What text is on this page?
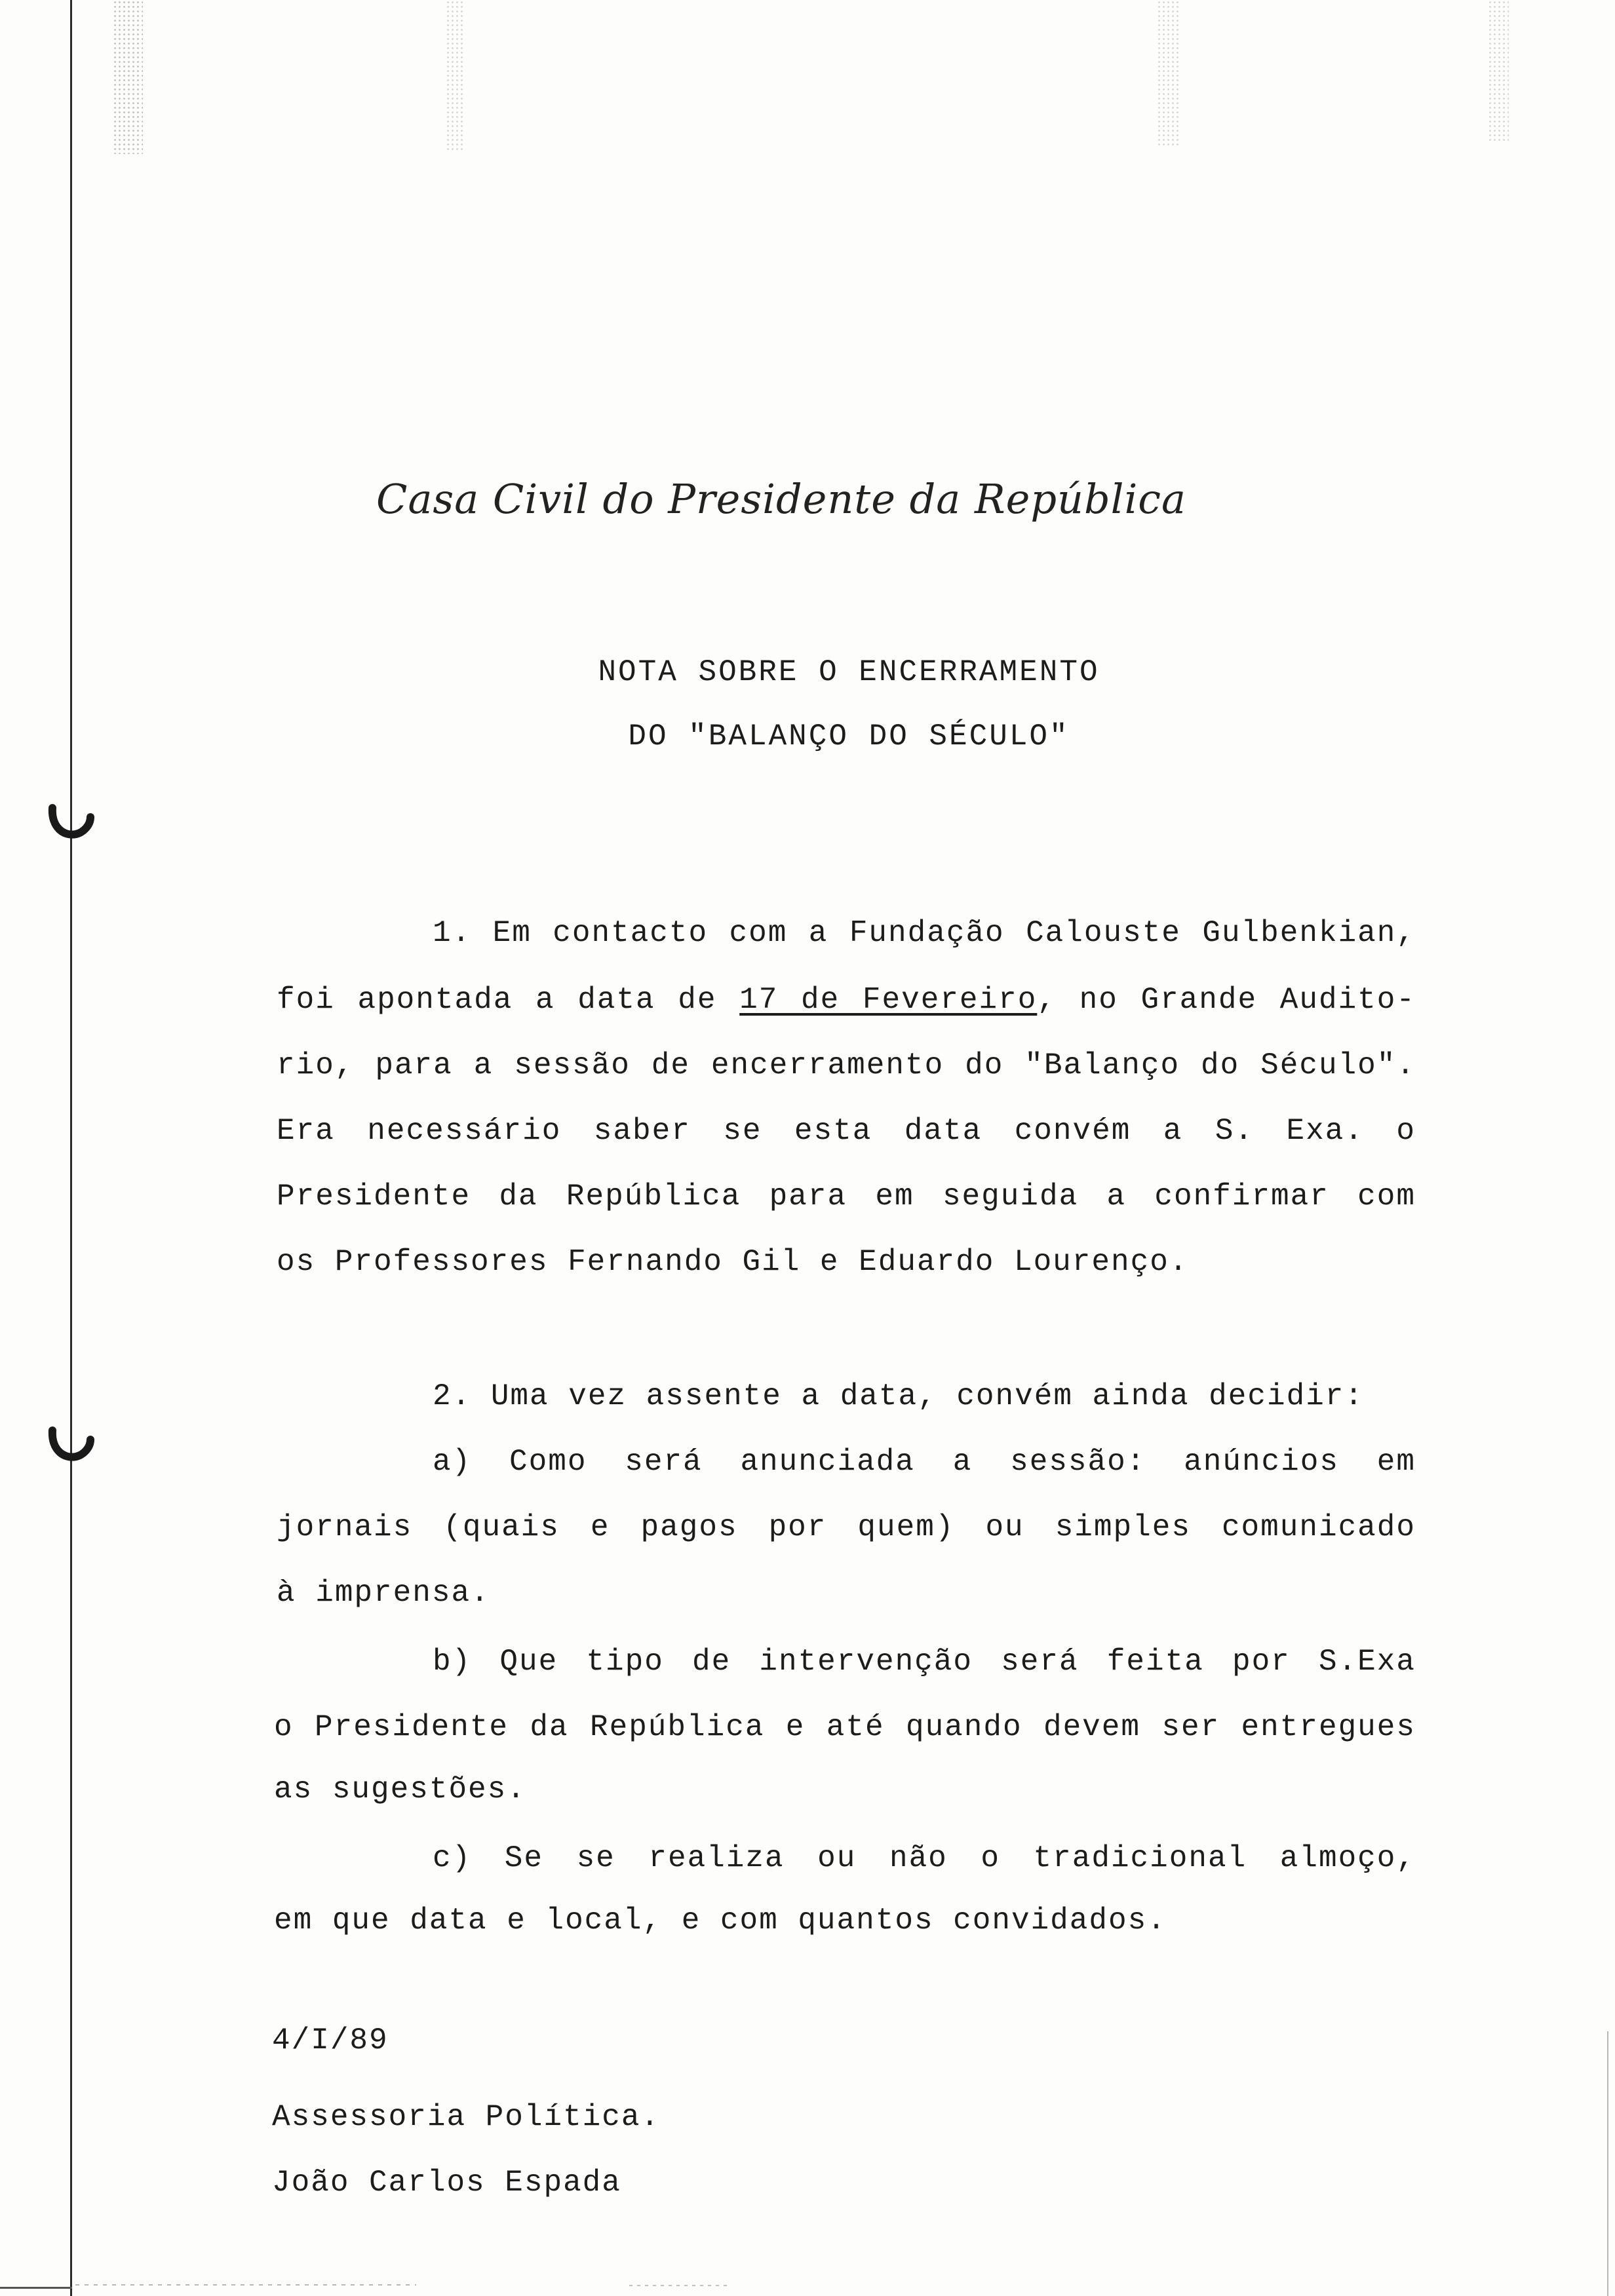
Casa Civil do Presidente da República
NOTA SOBRE O ENCERRAMENTO
DO "BALANÇO DO SÉCULO"
1. Em contacto com a Fundação Calouste Gulbenkian,
foi apontada a data de 17 de Fevereiro, no Grande Audito-
rio, para a sessão de encerramento do "Balanço do Século".
Era necessário saber se esta data convém a S. Exa. o
Presidente da República para em seguida a confirmar com
os Professores Fernando Gil e Eduardo Lourenço.
2. Uma vez assente a data, convém ainda decidir:
a) Como será anunciada a sessão: anúncios em
jornais (quais e pagos por quem) ou simples comunicado
à imprensa.
b) Que tipo de intervenção será feita por S.Exa
o Presidente da República e até quando devem ser entregues
as sugestões.
c) Se se realiza ou não o tradicional almoço,
em que data e local, e com quantos convidados.
4/I/89
Assessoria Política.
João Carlos Espada
